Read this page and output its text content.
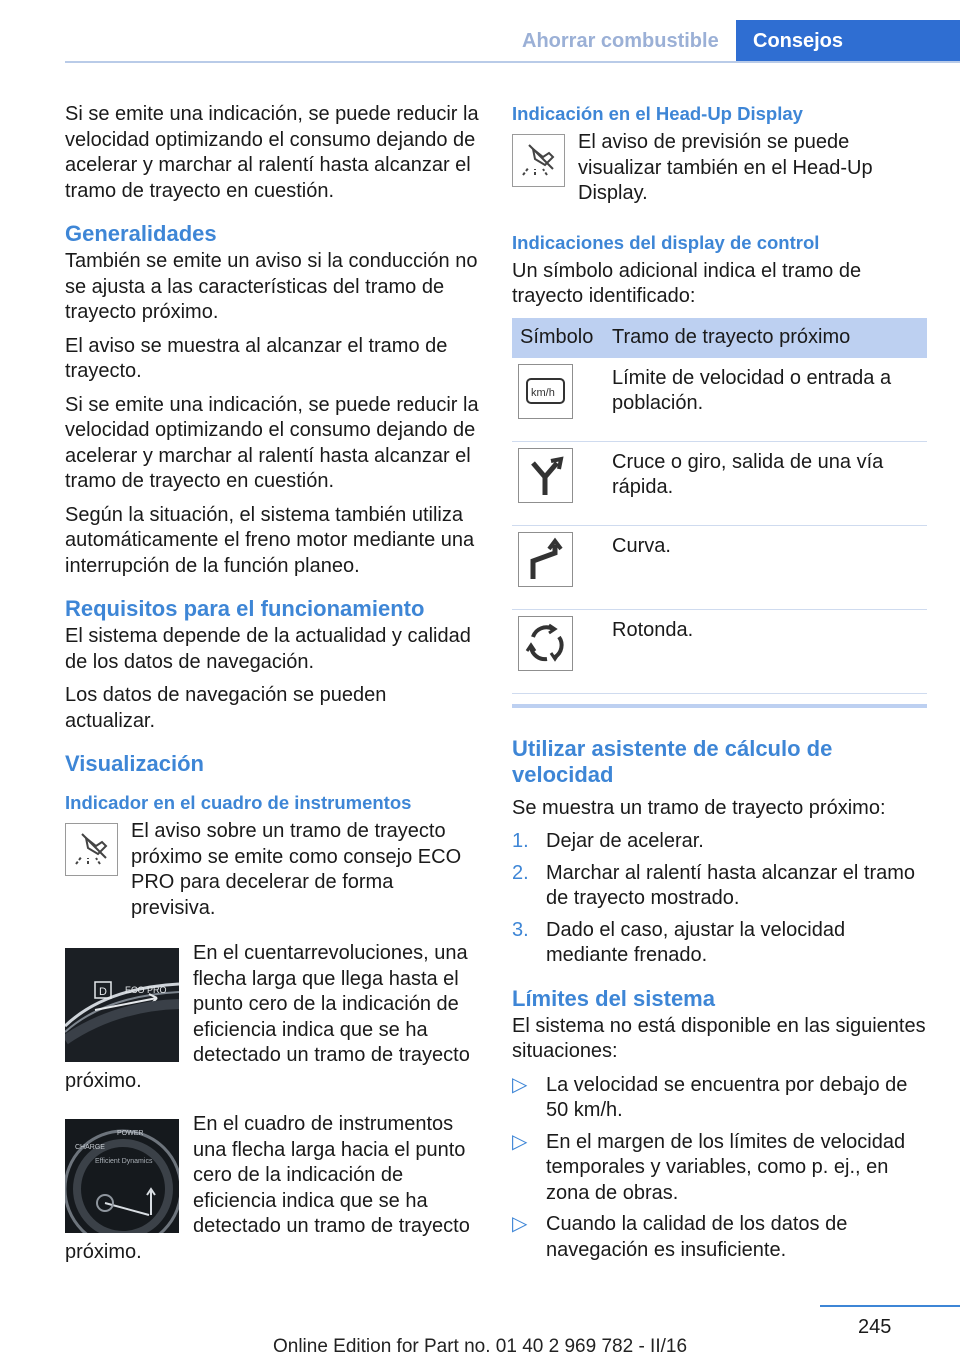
Ahorrar combustible	Consejos

Si se emite una indicación, se puede reducir la velocidad optimizando el consumo dejando de acelerar y marchar al ralentí hasta alcanzar el tramo de trayecto en cuestión.

Generalidades

También se emite un aviso si la conducción no se ajusta a las características del tramo de trayecto próximo.

El aviso se muestra al alcanzar el tramo de trayecto.

Si se emite una indicación, se puede reducir la velocidad optimizando el consumo dejando de acelerar y marchar al ralentí hasta alcanzar el tramo de trayecto en cuestión.

Según la situación, el sistema también utiliza automáticamente el freno motor mediante una interrupción de la función planeo.

Requisitos para el funcionamiento

El sistema depende de la actualidad y calidad de los datos de navegación.

Los datos de navegación se pueden actualizar.

Visualización
Indicador en el cuadro de instrumentos

El aviso sobre un tramo de trayecto próximo se emite como consejo ECO PRO para decelerar de forma previsiva.

D ECO PRO

En el cuentarrevoluciones, una flecha larga que llega hasta el punto cero de la indicación de eficiencia indica que se ha detectado un tramo de trayecto próximo.

CHARGE
POWER
Efficient Dynamics

En el cuadro de instrumentos una flecha larga hacia el punto cero de la indicación de eficiencia indica que se ha detectado un tramo de trayecto próximo.

Indicación en el Head-Up Display

El aviso de previsión se puede visualizar también en el Head-Up Display.

Indicaciones del display de control

Un símbolo adicional indica el tramo de trayecto identificado:

Símbolo	Tramo de trayecto próximo

km/h	Límite de velocidad o entrada a población.

	Cruce o giro, salida de una vía rápida.

	Curva.

	Rotonda.
Utilizar asistente de cálculo de velocidad

Se muestra un tramo de trayecto próximo:

1. Dejar de acelerar.
2. Marchar al ralentí hasta alcanzar el tramo de trayecto mostrado.
3. Dado el caso, ajustar la velocidad mediante frenado.
Límites del sistema

El sistema no está disponible en las siguientes situaciones:

▷ La velocidad se encuentra por debajo de 50 km/h.
▷ En el margen de los límites de velocidad temporales y variables, como p. ej., en zona de obras.
▷ Cuando la calidad de los datos de navegación es insuficiente.
245
Online Edition for Part no. 01 40 2 969 782 - II/16
